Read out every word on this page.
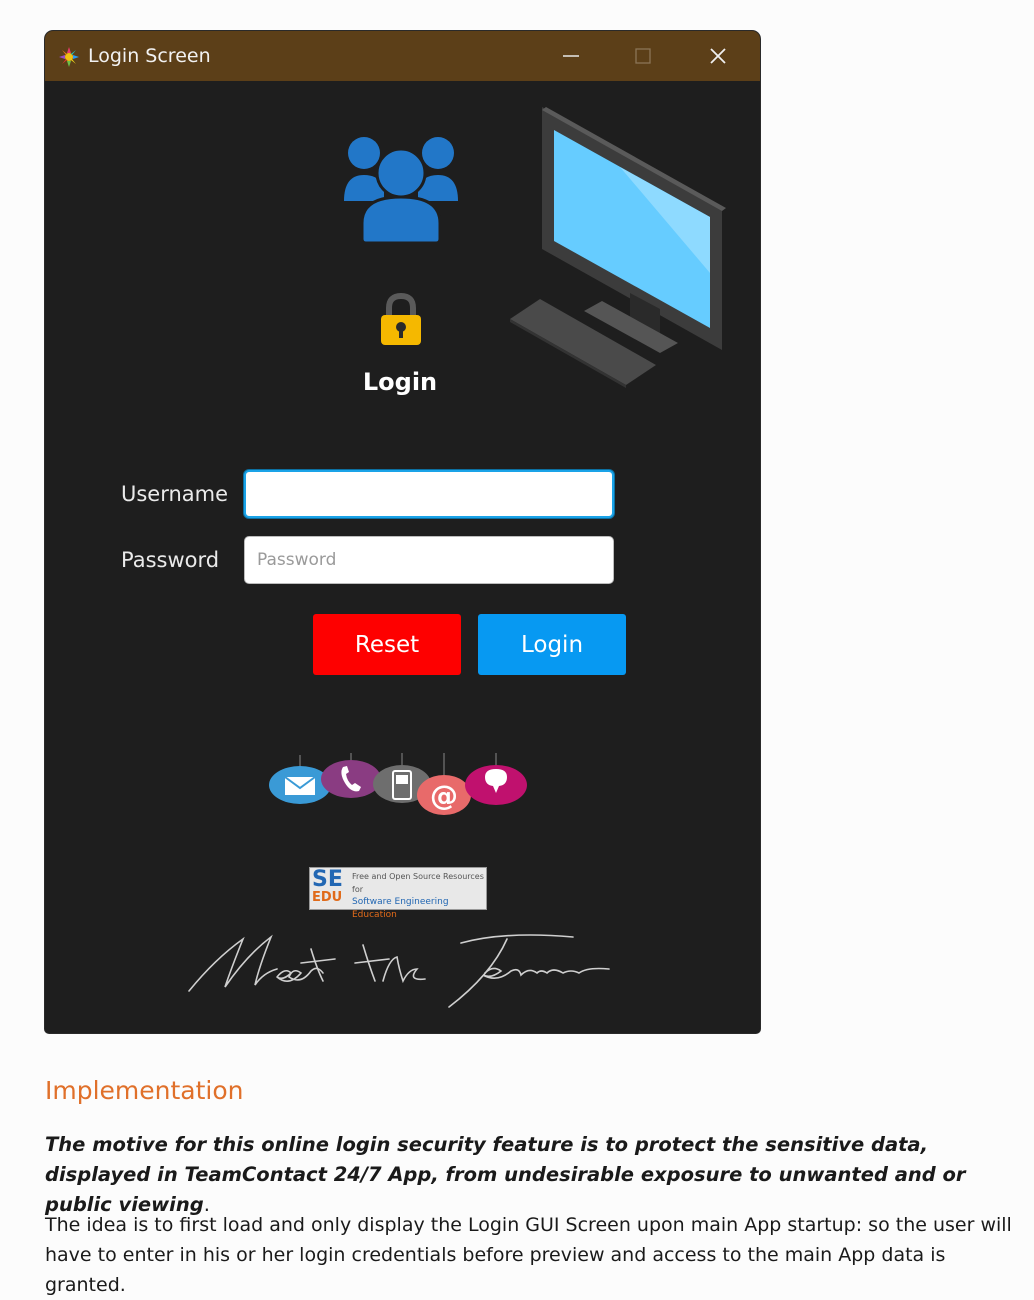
Login Screen
Login
Username
Password
Reset	Login
@
SE
EDU
Free and Open Source Resources for
Software Engineering
Education
Implementation

The motive for this online login security feature is to protect the sensitive data, displayed in TeamContact 24/7 App, from undesirable exposure to unwanted and or public viewing.

The idea is to first load and only display the Login GUI Screen upon main App startup: so the user will have to enter in his or her login credentials before preview and access to the main App data is granted.
